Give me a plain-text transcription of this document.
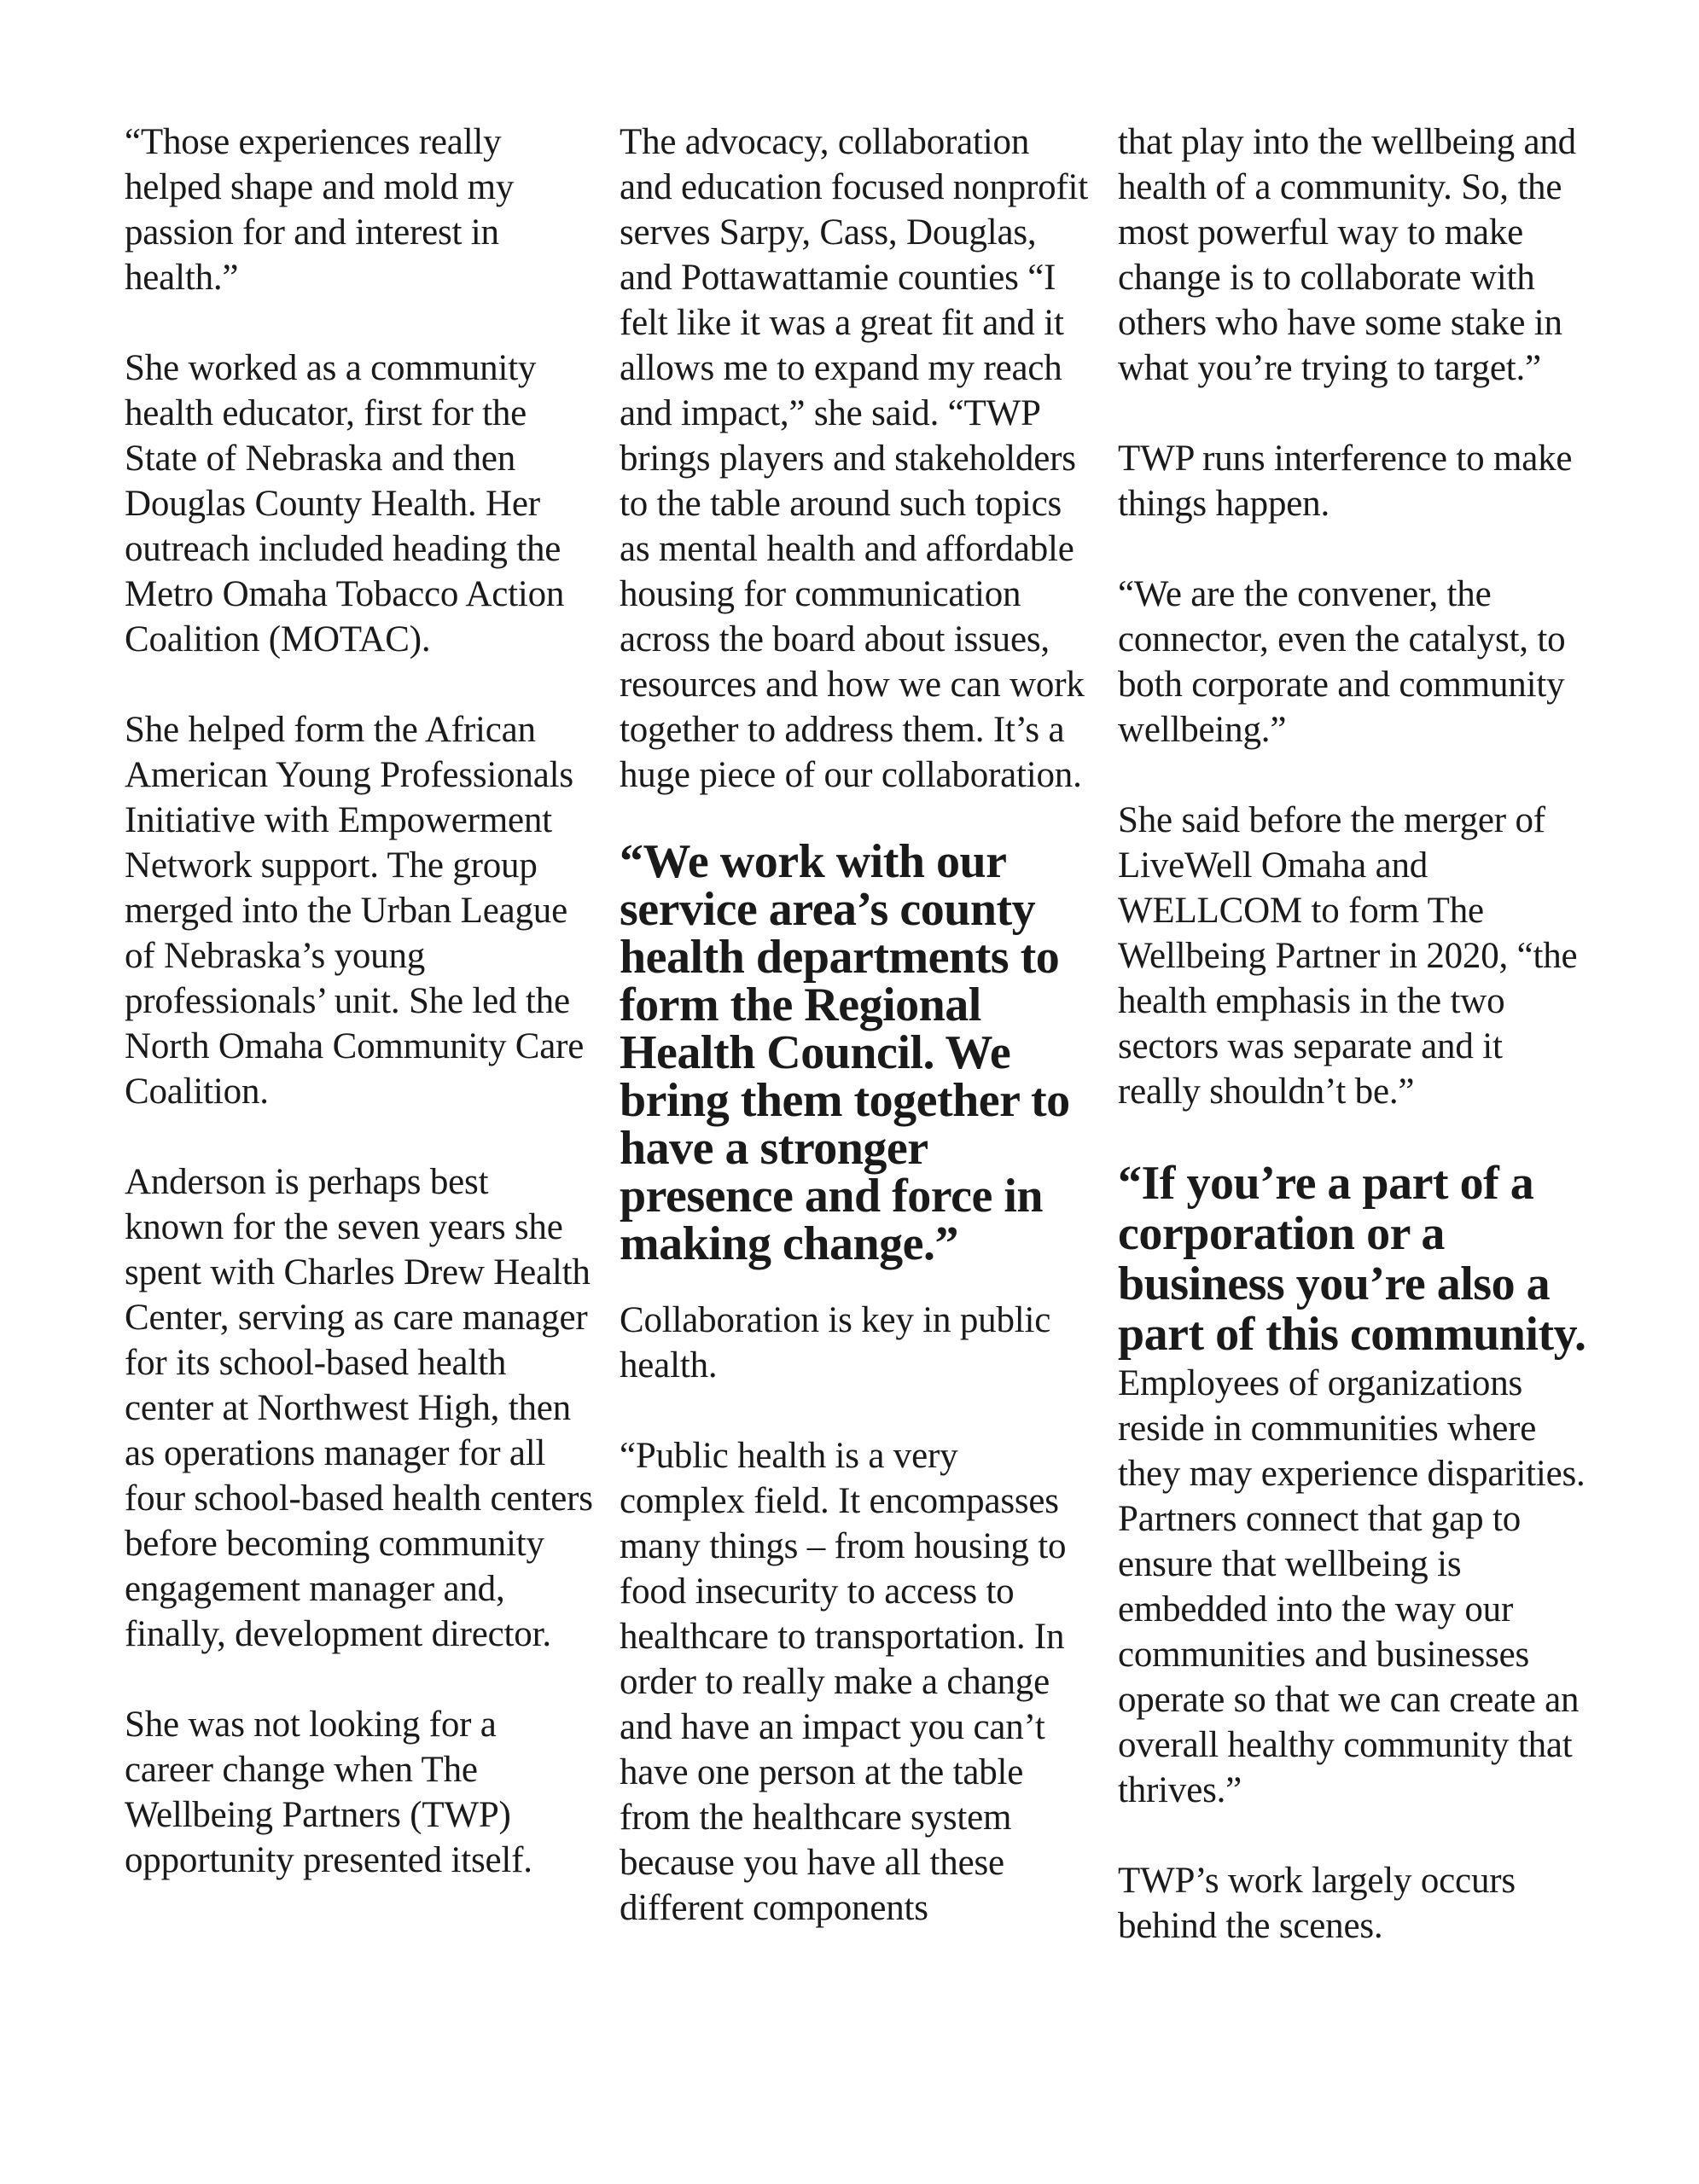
“Those experiences really helped shape and mold my passion for and interest in health.”

She worked as a community health educator, first for the State of Nebraska and then Douglas County Health. Her outreach included heading the Metro Omaha Tobacco Action Coalition (MOTAC).

She helped form the African American Young Professionals Initiative with Empowerment Network support. The group merged into the Urban League of Nebraska’s young professionals’ unit. She led the North Omaha Community Care Coalition.

Anderson is perhaps best known for the seven years she spent with Charles Drew Health Center, serving as care manager for its school-based health center at Northwest High, then as operations manager for all four school-based health centers before becoming community engagement manager and, finally, development director.

She was not looking for a career change when The Wellbeing Partners (TWP) opportunity presented itself.

The advocacy, collaboration and education focused nonprofit serves Sarpy, Cass, Douglas, and Pottawattamie counties “I felt like it was a great fit and it allows me to expand my reach and impact,” she said. “TWP brings players and stakeholders to the table around such topics as mental health and affordable housing for communication across the board about issues, resources and how we can work together to address them. It’s a huge piece of our collaboration.

“We work with our service area’s county health departments to form the Regional Health Council. We bring them together to have a stronger presence and force in making change.”

Collaboration is key in public health.

“Public health is a very complex field. It encompasses many things – from housing to food insecurity to access to healthcare to transportation. In order to really make a change and have an impact you can’t have one person at the table from the healthcare system because you have all these different components

that play into the wellbeing and health of a community. So, the most powerful way to make change is to collaborate with others who have some stake in what you’re trying to target.”

TWP runs interference to make things happen.

“We are the convener, the connector, even the catalyst, to both corporate and community wellbeing.”

She said before the merger of LiveWell Omaha and WELLCOM to form The Wellbeing Partner in 2020, “the health emphasis in the two sectors was separate and it really shouldn’t be.”

“If you’re a part of a corporation or a business you’re also a part of this community. Employees of organizations reside in communities where they may experience disparities. Partners connect that gap to ensure that wellbeing is embedded into the way our communities and businesses operate so that we can create an overall healthy community that thrives.”

TWP’s work largely occurs behind the scenes.
